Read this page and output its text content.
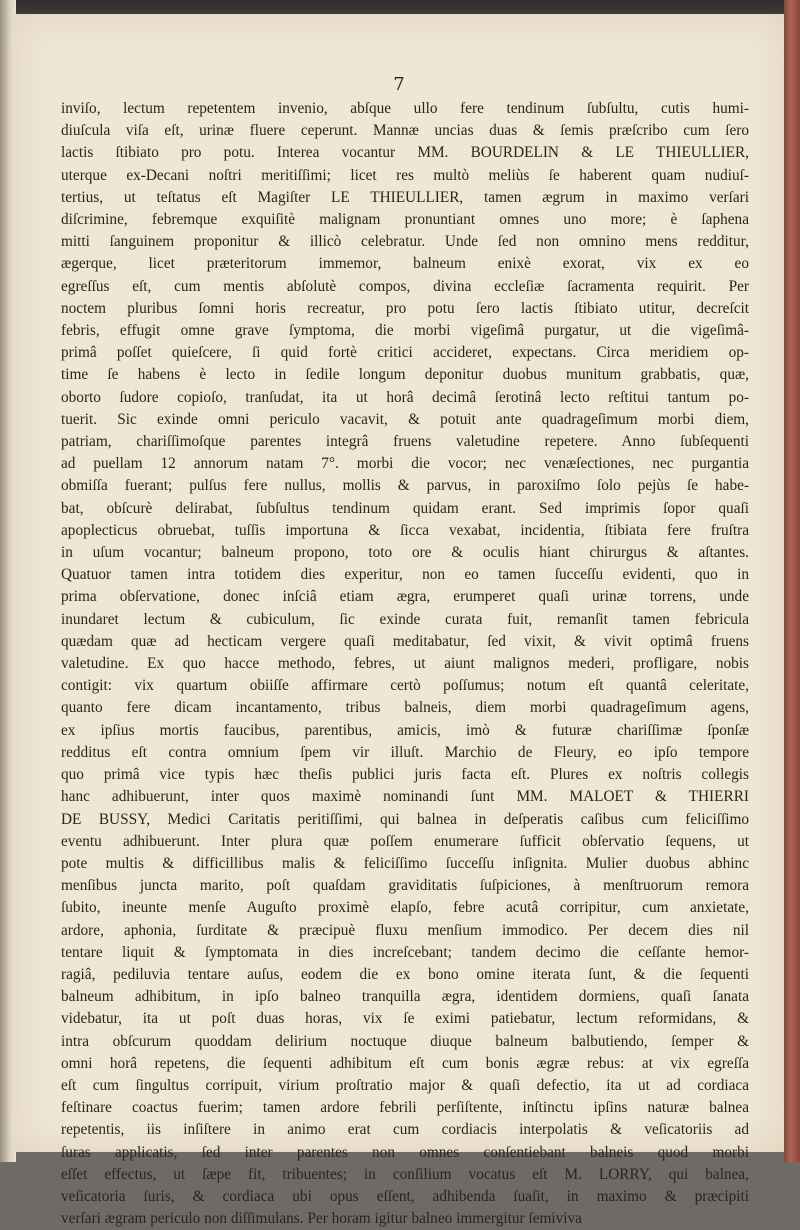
7
inviſo, lectum repetentem invenio, abſque ullo fere tendinum ſubſultu, cutis humi-
diuſcula viſa eſt, urinæ fluere ceperunt. Mannæ uncias duas & ſemis præſcribo cum ſero
lactis ſtibiato pro potu. Interea vocantur MM. BOURDELIN & LE THIEULLIER,
uterque ex-Decani noſtri meritiſſimi; licet res multò meliùs ſe haberent quam nudiuſ-
tertius, ut teſtatus eſt Magiſter LE THIEULLIER, tamen ægrum in maximo verſari
diſcrimine, febremque exquiſitè malignam pronuntiant omnes uno more; è ſaphena
mitti ſanguinem proponitur & illicò celebratur. Unde ſed non omnino mens redditur,
ægerque, licet præteritorum immemor, balneum enixè exorat, vix ex eo
egreſſus eſt, cum mentis abſolutè compos, divina eccleſiæ ſacramenta requirit. Per
noctem pluribus ſomni horis recreatur, pro potu ſero lactis ſtibiato utitur, decreſcit
febris, effugit omne grave ſymptoma, die morbi vigeſimâ purgatur, ut die vigeſimâ-
primâ poſſet quieſcere, ſi quid fortè critici accideret, expectans. Circa meridiem op-
time ſe habens è lecto in ſedile longum deponitur duobus munitum grabbatis, quæ,
oborto ſudore copioſo, tranſudat, ita ut horâ decimâ ſerotinâ lecto reſtitui tantum po-
tuerit. Sic exinde omni periculo vacavit, & potuit ante quadrageſimum morbi diem,
patriam, chariſſimoſque parentes integrâ fruens valetudine repetere. Anno ſubſequenti
ad puellam 12 annorum natam 7°. morbi die vocor; nec venæſectiones, nec purgantia
obmiſſa fuerant; pulſus fere nullus, mollis & parvus, in paroxiſmo ſolo pejùs ſe habe-
bat, obſcurè delirabat, ſubſultus tendinum quidam erant. Sed imprimis ſopor quaſi
apoplecticus obruebat, tuſſis importuna & ſicca vexabat, incidentia, ſtibiata fere fruſtra
in uſum vocantur; balneum propono, toto ore & oculis hiant chirurgus & aſtantes.
Quatuor tamen intra totidem dies experitur, non eo tamen ſucceſſu evidenti, quo in
prima obſervatione, donec inſciâ etiam ægra, erumperet quaſi urinæ torrens, unde
inundaret lectum & cubiculum, ſic exinde curata fuit, remanſit tamen febricula
quædam quæ ad hecticam vergere quaſi meditabatur, ſed vixit, & vivit optimâ fruens
valetudine. Ex quo hacce methodo, febres, ut aiunt malignos mederi, profligare, nobis
contigit: vix quartum obiiſſe affirmare certò poſſumus; notum eſt quantâ celeritate,
quanto fere dicam incantamento, tribus balneis, diem morbi quadrageſimum agens,
ex ipſius mortis faucibus, parentibus, amicis, imò & futuræ chariſſimæ ſponſæ
redditus eſt contra omnium ſpem vir illuſt. Marchio de Fleury, eo ipſo tempore
quo primâ vice typis hæc theſis publici juris facta eſt. Plures ex noſtris collegis
hanc adhibuerunt, inter quos maximè nominandi ſunt MM. MALOET & THIERRI
DE BUSSY, Medici Caritatis peritiſſimi, qui balnea in deſperatis caſibus cum feliciſſimo
eventu adhibuerunt. Inter plura quæ poſſem enumerare ſufficit obſervatio ſequens, ut
pote multis & difficillibus malis & feliciſſimo ſucceſſu inſignita. Mulier duobus abhinc
menſibus juncta marito, poſt quaſdam graviditatis ſuſpiciones, à menſtruorum remora
ſubito, ineunte menſe Auguſto proximè elapſo, febre acutâ corripitur, cum anxietate,
ardore, aphonia, ſurditate & præcipuè fluxu menſium immodico. Per decem dies nil
tentare liquit & ſymptomata in dies increſcebant; tandem decimo die ceſſante hemor-
ragiâ, pediluvia tentare auſus, eodem die ex bono omine iterata ſunt, & die ſequenti
balneum adhibitum, in ipſo balneo tranquilla ægra, identidem dormiens, quaſi ſanata
videbatur, ita ut poſt duas horas, vix ſe eximi patiebatur, lectum reformidans, &
intra obſcurum quoddam delirium noctuque diuque balneum balbutiendo, ſemper &
omni horâ repetens, die ſequenti adhibitum eſt cum bonis ægræ rebus: at vix egreſſa
eſt cum ſingultus corripuit, virium proſtratio major & quaſi defectio, ita ut ad cordiaca
feſtinare coactus fuerim; tamen ardore febrili perſiſtente, inſtinctu ipſins naturæ balnea
repetentis, iis inſiſtere in animo erat cum cordiacis interpolatis & veſicatoriis ad
ſuras applicatis, ſed inter parentes non omnes conſentiebant balneis quod morbi
eſſet effectus, ut ſæpe fit, tribuentes; in conſilium vocatus eſt M. LORRY, qui balnea,
veſicatoria ſuris, & cordiaca ubi opus eſſent, adhibenda ſuaſit, in maximo & præcipiti
verſari ægram periculo non diſſimulans. Per horam igitur balneo immergitur ſemiviva
